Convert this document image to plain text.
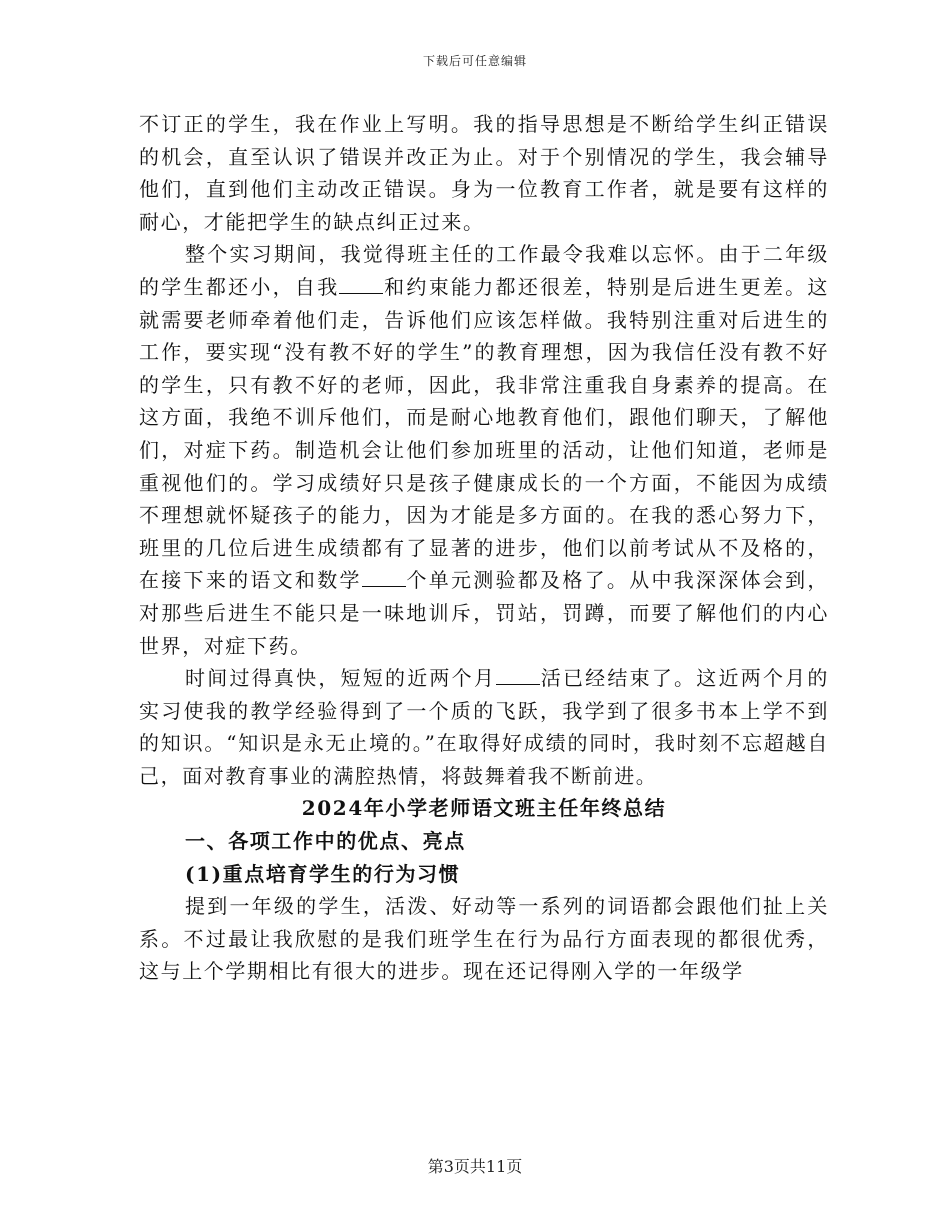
下载后可任意编辑

不订正的学生，我在作业上写明。我的指导思想是不断给学生纠正错误的机会，直至认识了错误并改正为止。对于个别情况的学生，我会辅导他们，直到他们主动改正错误。身为一位教育工作者，就是要有这样的耐心，才能把学生的缺点纠正过来。

整个实习期间，我觉得班主任的工作最令我难以忘怀。由于二年级的学生都还小，自我 和约束能力都还很差，特别是后进生更差。这就需要老师牵着他们走，告诉他们应该怎样做。我特别注重对后进生的工作，要实现“没有教不好的学生”的教育理想，因为我信任没有教不好的学生，只有教不好的老师，因此，我非常注重我自身素养的提高。在这方面，我绝不训斥他们，而是耐心地教育他们，跟他们聊天，了解他们，对症下药。制造机会让他们参加班里的活动，让他们知道，老师是重视他们的。学习成绩好只是孩子健康成长的一个方面，不能因为成绩不理想就怀疑孩子的能力，因为才能是多方面的。在我的悉心努力下，班里的几位后进生成绩都有了显著的进步，他们以前考试从不及格的，在接下来的语文和数学 个单元测验都及格了。从中我深深体会到，对那些后进生不能只是一味地训斥，罚站，罚蹲，而要了解他们的内心世界，对症下药。

时间过得真快，短短的近两个月 活已经结束了。这近两个月的实习使我的教学经验得到了一个质的飞跃，我学到了很多书本上学不到的知识。“知识是永无止境的。”在取得好成绩的同时，我时刻不忘超越自己，面对教育事业的满腔热情，将鼓舞着我不断前进。

2024年小学老师语文班主任年终总结

一、各项工作中的优点、亮点

(1)重点培育学生的行为习惯

提到一年级的学生，活泼、好动等一系列的词语都会跟他们扯上关系。不过最让我欣慰的是我们班学生在行为品行方面表现的都很优秀，这与上个学期相比有很大的进步。现在还记得刚入学的一年级学

第3页共11页
